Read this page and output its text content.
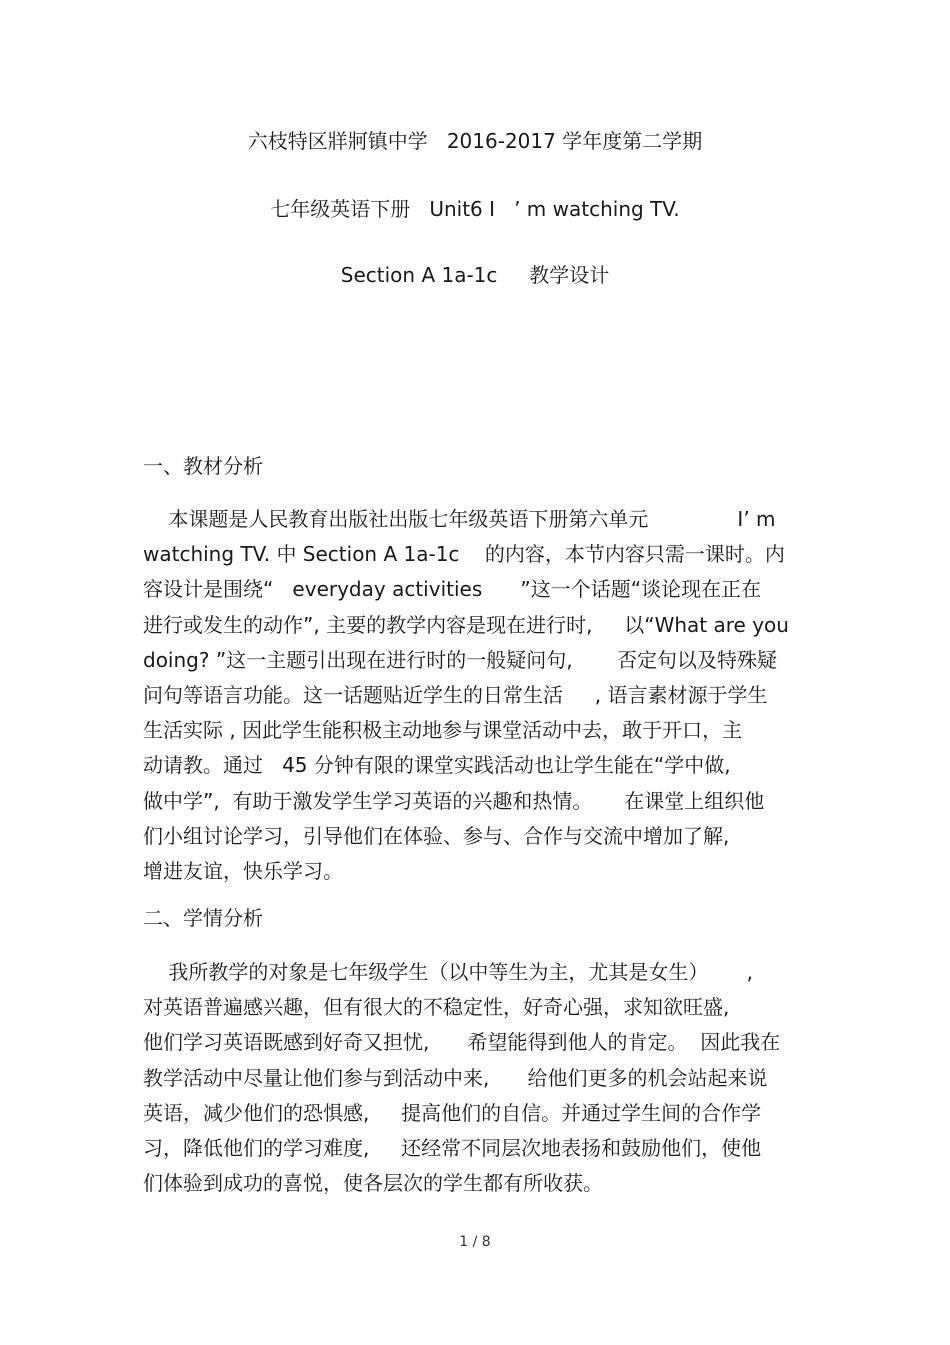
六枝特区牂牁镇中学   2016-2017 学年度第二学期
七年级英语下册   Unit6 I   ’ m watching TV.
Section A 1a-1c     教学设计
一、教材分析
本课题是人民教育出版社出版七年级英语下册第六单元              I’ m
watching TV. 中 Section A 1a-1c    的内容，本节内容只需一课时。内
容设计是围绕“   everyday activities      ”这一个话题“谈论现在正在
进行或发生的动作”, 主要的教学内容是现在进行时,     以“What are you
doing? ”这一主题引出现在进行时的一般疑问句,       否定句以及特殊疑
问句等语言功能。这一话题贴近学生的日常生活     , 语言素材源于学生
生活实际 , 因此学生能积极主动地参与课堂活动中去，敢于开口，主
动请教。通过   45 分钟有限的课堂实践活动也让学生能在“学中做,
做中学”,  有助于激发学生学习英语的兴趣和热情。     在课堂上组织他
们小组讨论学习，引导他们在体验、参与、合作与交流中增加了解,
增进友谊，快乐学习。
二、学情分析
我所教学的对象是七年级学生（以中等生为主，尤其是女生）      ,
对英语普遍感兴趣，但有很大的不稳定性，好奇心强，求知欲旺盛,
他们学习英语既感到好奇又担忧,      希望能得到他人的肯定。  因此我在
教学活动中尽量让他们参与到活动中来,      给他们更多的机会站起来说
英语，减少他们的恐惧感,     提高他们的自信。并通过学生间的合作学
习，降低他们的学习难度,     还经常不同层次地表扬和鼓励他们，使他
们体验到成功的喜悦，使各层次的学生都有所收获。
1 / 8
